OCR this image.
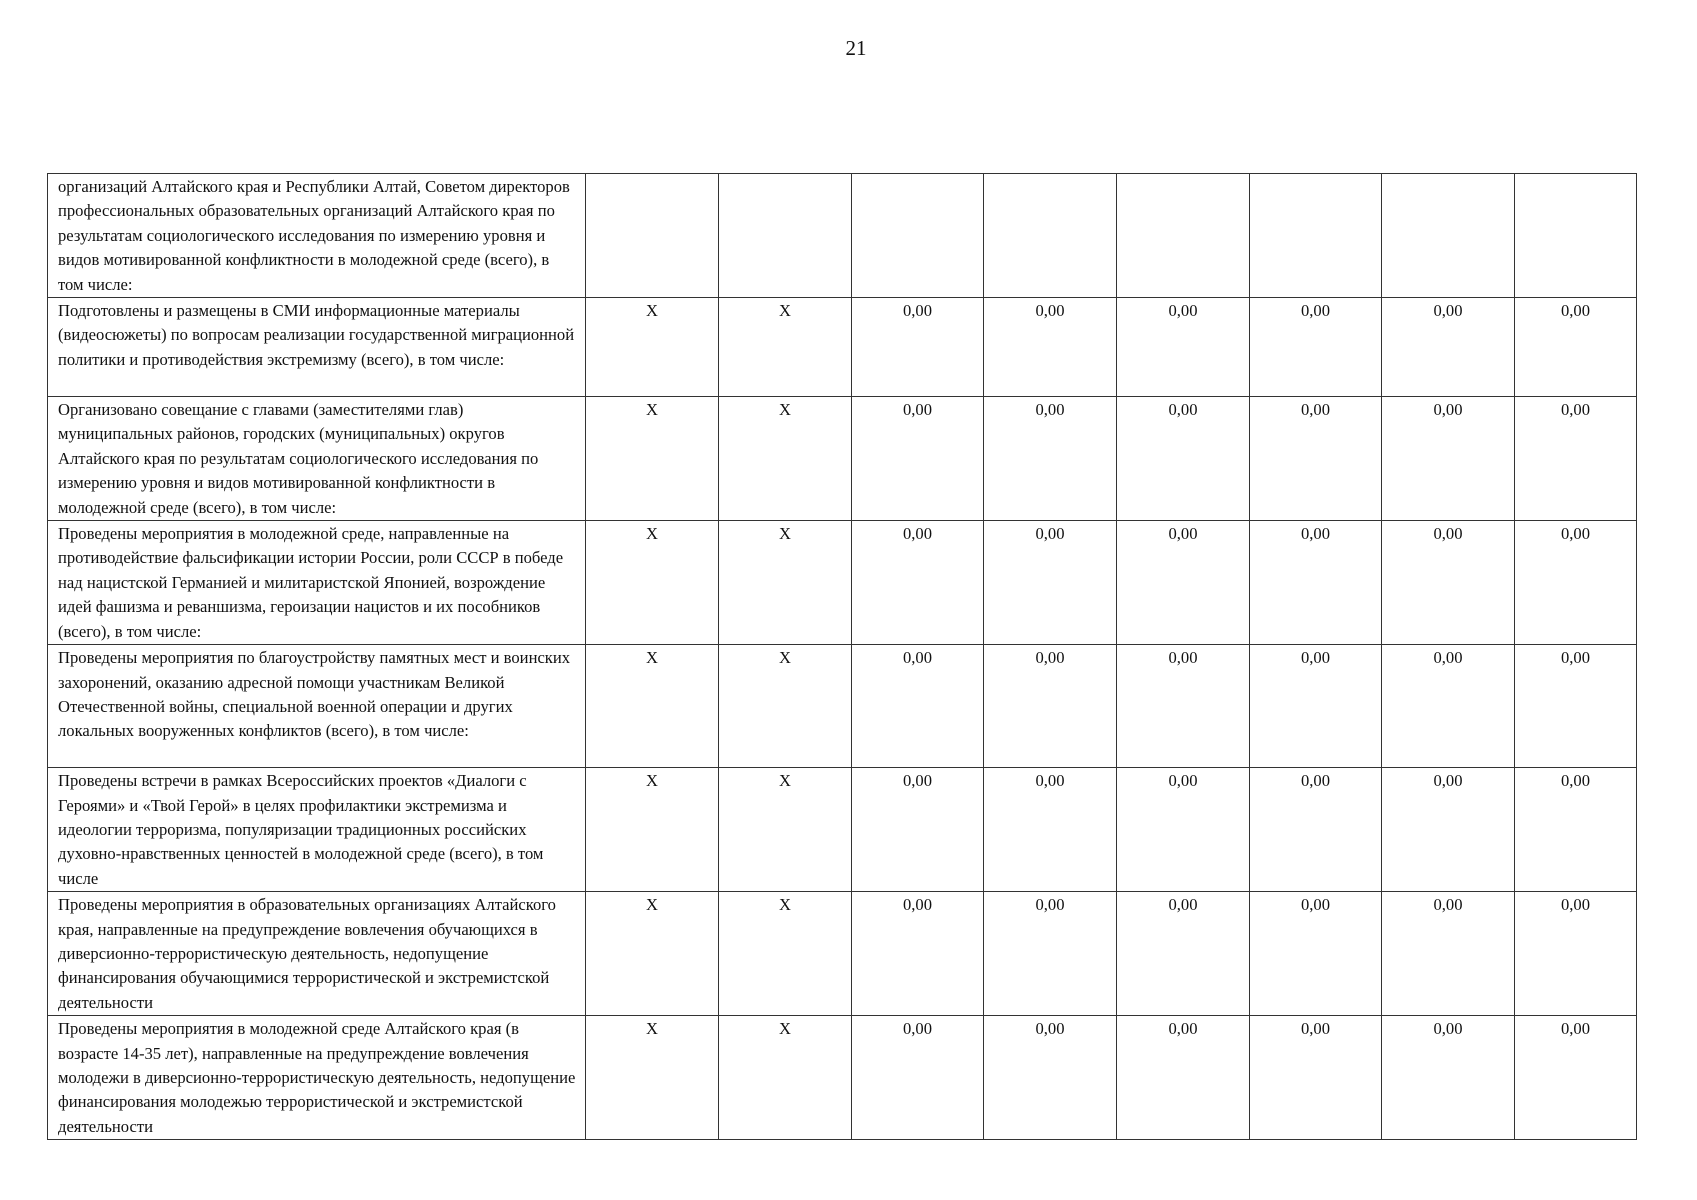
21
организаций Алтайского края и Республики Алтай, Советом директоров профессиональных образовательных организаций Алтайского края по результатам социологического исследования по измерению уровня и видов мотивированной конфликтности в молодежной среде (всего), в том числе:								
Подготовлены и размещены в СМИ информационные материалы (видеосюжеты) по вопросам реализации государственной миграционной политики и противодействия экстремизму (всего), в том числе:	X	X	0,00	0,00	0,00	0,00	0,00	0,00
Организовано совещание с главами (заместителями глав) муниципальных районов, городских (муниципальных) округов Алтайского края по результатам социологического исследования по измерению уровня и видов мотивированной конфликтности в молодежной среде (всего), в том числе:	X	X	0,00	0,00	0,00	0,00	0,00	0,00
Проведены мероприятия в молодежной среде, направленные на противодействие фальсификации истории России, роли СССР в победе над нацистской Германией и милитаристской Японией, возрождение идей фашизма и реваншизма, героизации нацистов и их пособников (всего), в том числе:	X	X	0,00	0,00	0,00	0,00	0,00	0,00
Проведены мероприятия по благоустройству памятных мест и воинских захоронений, оказанию адресной помощи участникам Великой Отечественной войны, специальной военной операции и других локальных вооруженных конфликтов (всего), в том числе:	X	X	0,00	0,00	0,00	0,00	0,00	0,00
Проведены встречи в рамках Всероссийских проектов «Диалоги с Героями» и «Твой Герой» в целях профилактики экстремизма и идеологии терроризма, популяризации традиционных российских духовно-нравственных ценностей в молодежной среде (всего), в том числе	X	X	0,00	0,00	0,00	0,00	0,00	0,00
Проведены мероприятия в образовательных организациях Алтайского края, направленные на предупреждение вовлечения обучающихся в диверсионно-террористическую деятельность, недопущение финансирования обучающимися террористической и экстремистской деятельности	X	X	0,00	0,00	0,00	0,00	0,00	0,00
Проведены мероприятия в молодежной среде Алтайского края (в возрасте 14-35 лет), направленные на предупреждение вовлечения молодежи в диверсионно-террористическую деятельность, недопущение финансирования молодежью террористической и экстремистской деятельности	X	X	0,00	0,00	0,00	0,00	0,00	0,00
